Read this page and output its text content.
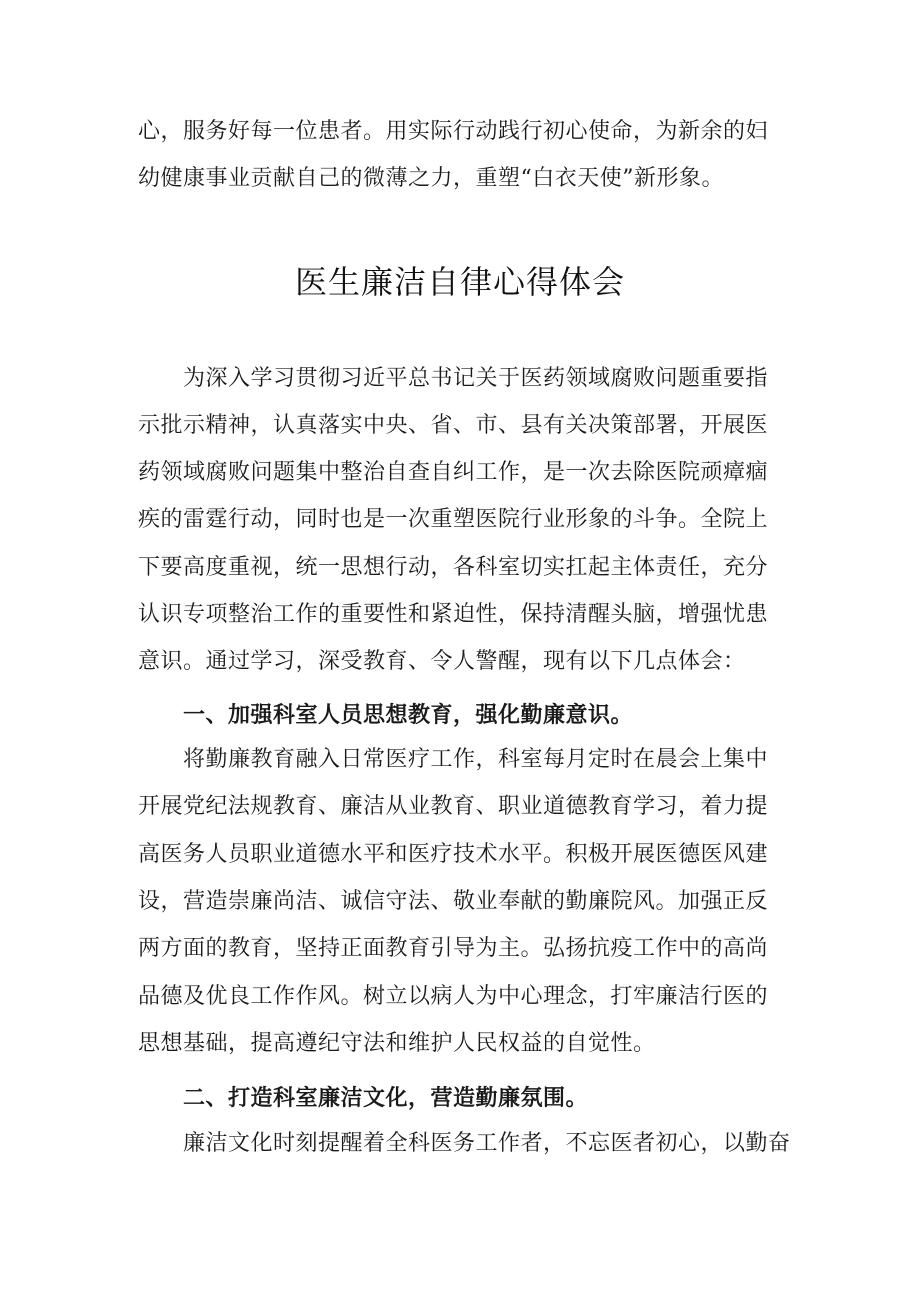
心，服务好每一位患者。用实际行动践行初心使命，为新余的妇
幼健康事业贡献自己的微薄之力，重塑“白衣天使”新形象。
医生廉洁自律心得体会
为深入学习贯彻习近平总书记关于医药领域腐败问题重要指
示批示精神，认真落实中央、省、市、县有关决策部署，开展医
药领域腐败问题集中整治自查自纠工作，是一次去除医院顽瘴痼
疾的雷霆行动，同时也是一次重塑医院行业形象的斗争。全院上
下要高度重视，统一思想行动，各科室切实扛起主体责任，充分
认识专项整治工作的重要性和紧迫性，保持清醒头脑，增强忧患
意识。通过学习，深受教育、令人警醒，现有以下几点体会：
一、加强科室人员思想教育，强化勤廉意识。
将勤廉教育融入日常医疗工作，科室每月定时在晨会上集中
开展党纪法规教育、廉洁从业教育、职业道德教育学习，着力提
高医务人员职业道德水平和医疗技术水平。积极开展医德医风建
设，营造崇廉尚洁、诚信守法、敬业奉献的勤廉院风。加强正反
两方面的教育，坚持正面教育引导为主。弘扬抗疫工作中的高尚
品德及优良工作作风。树立以病人为中心理念，打牢廉洁行医的
思想基础，提高遵纪守法和维护人民权益的自觉性。
二、打造科室廉洁文化，营造勤廉氛围。
廉洁文化时刻提醒着全科医务工作者，不忘医者初心，以勤奋
